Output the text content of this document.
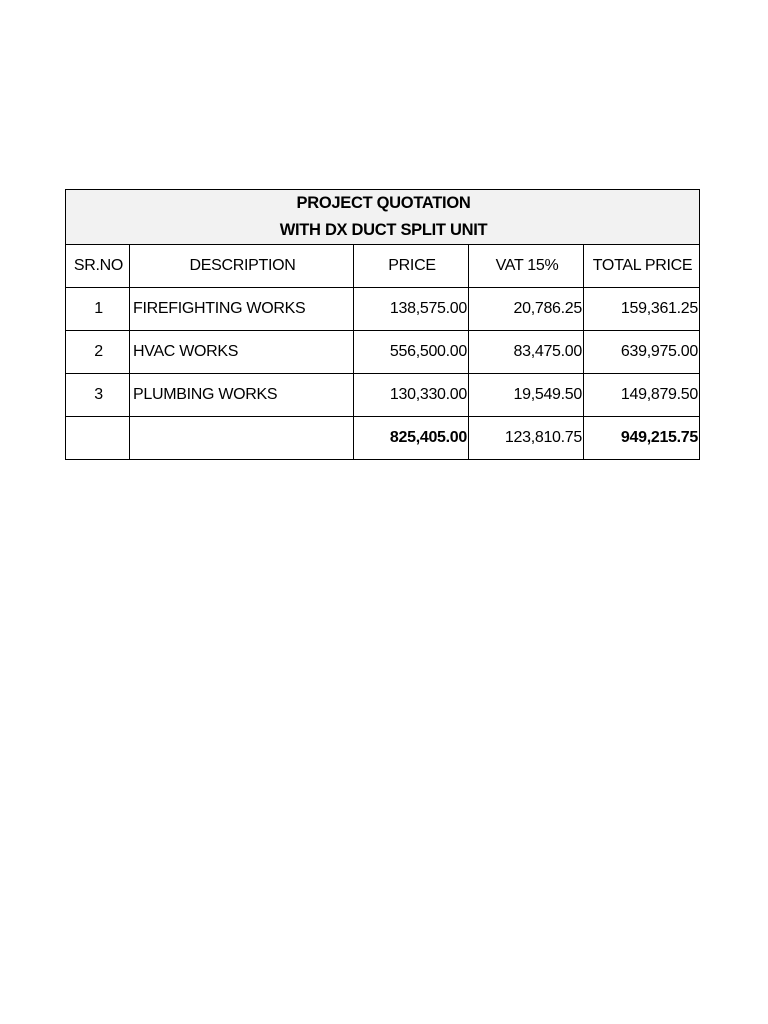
PROJECT QUOTATION
WITH DX DUCT SPLIT UNIT				

SR.NO	DESCRIPTION	PRICE	VAT 15%	TOTAL PRICE
1	FIREFIGHTING WORKS	138,575.00	20,786.25	159,361.25
2	HVAC WORKS	556,500.00	83,475.00	639,975.00
3	PLUMBING WORKS	130,330.00	19,549.50	149,879.50
		825,405.00	123,810.75	949,215.75
